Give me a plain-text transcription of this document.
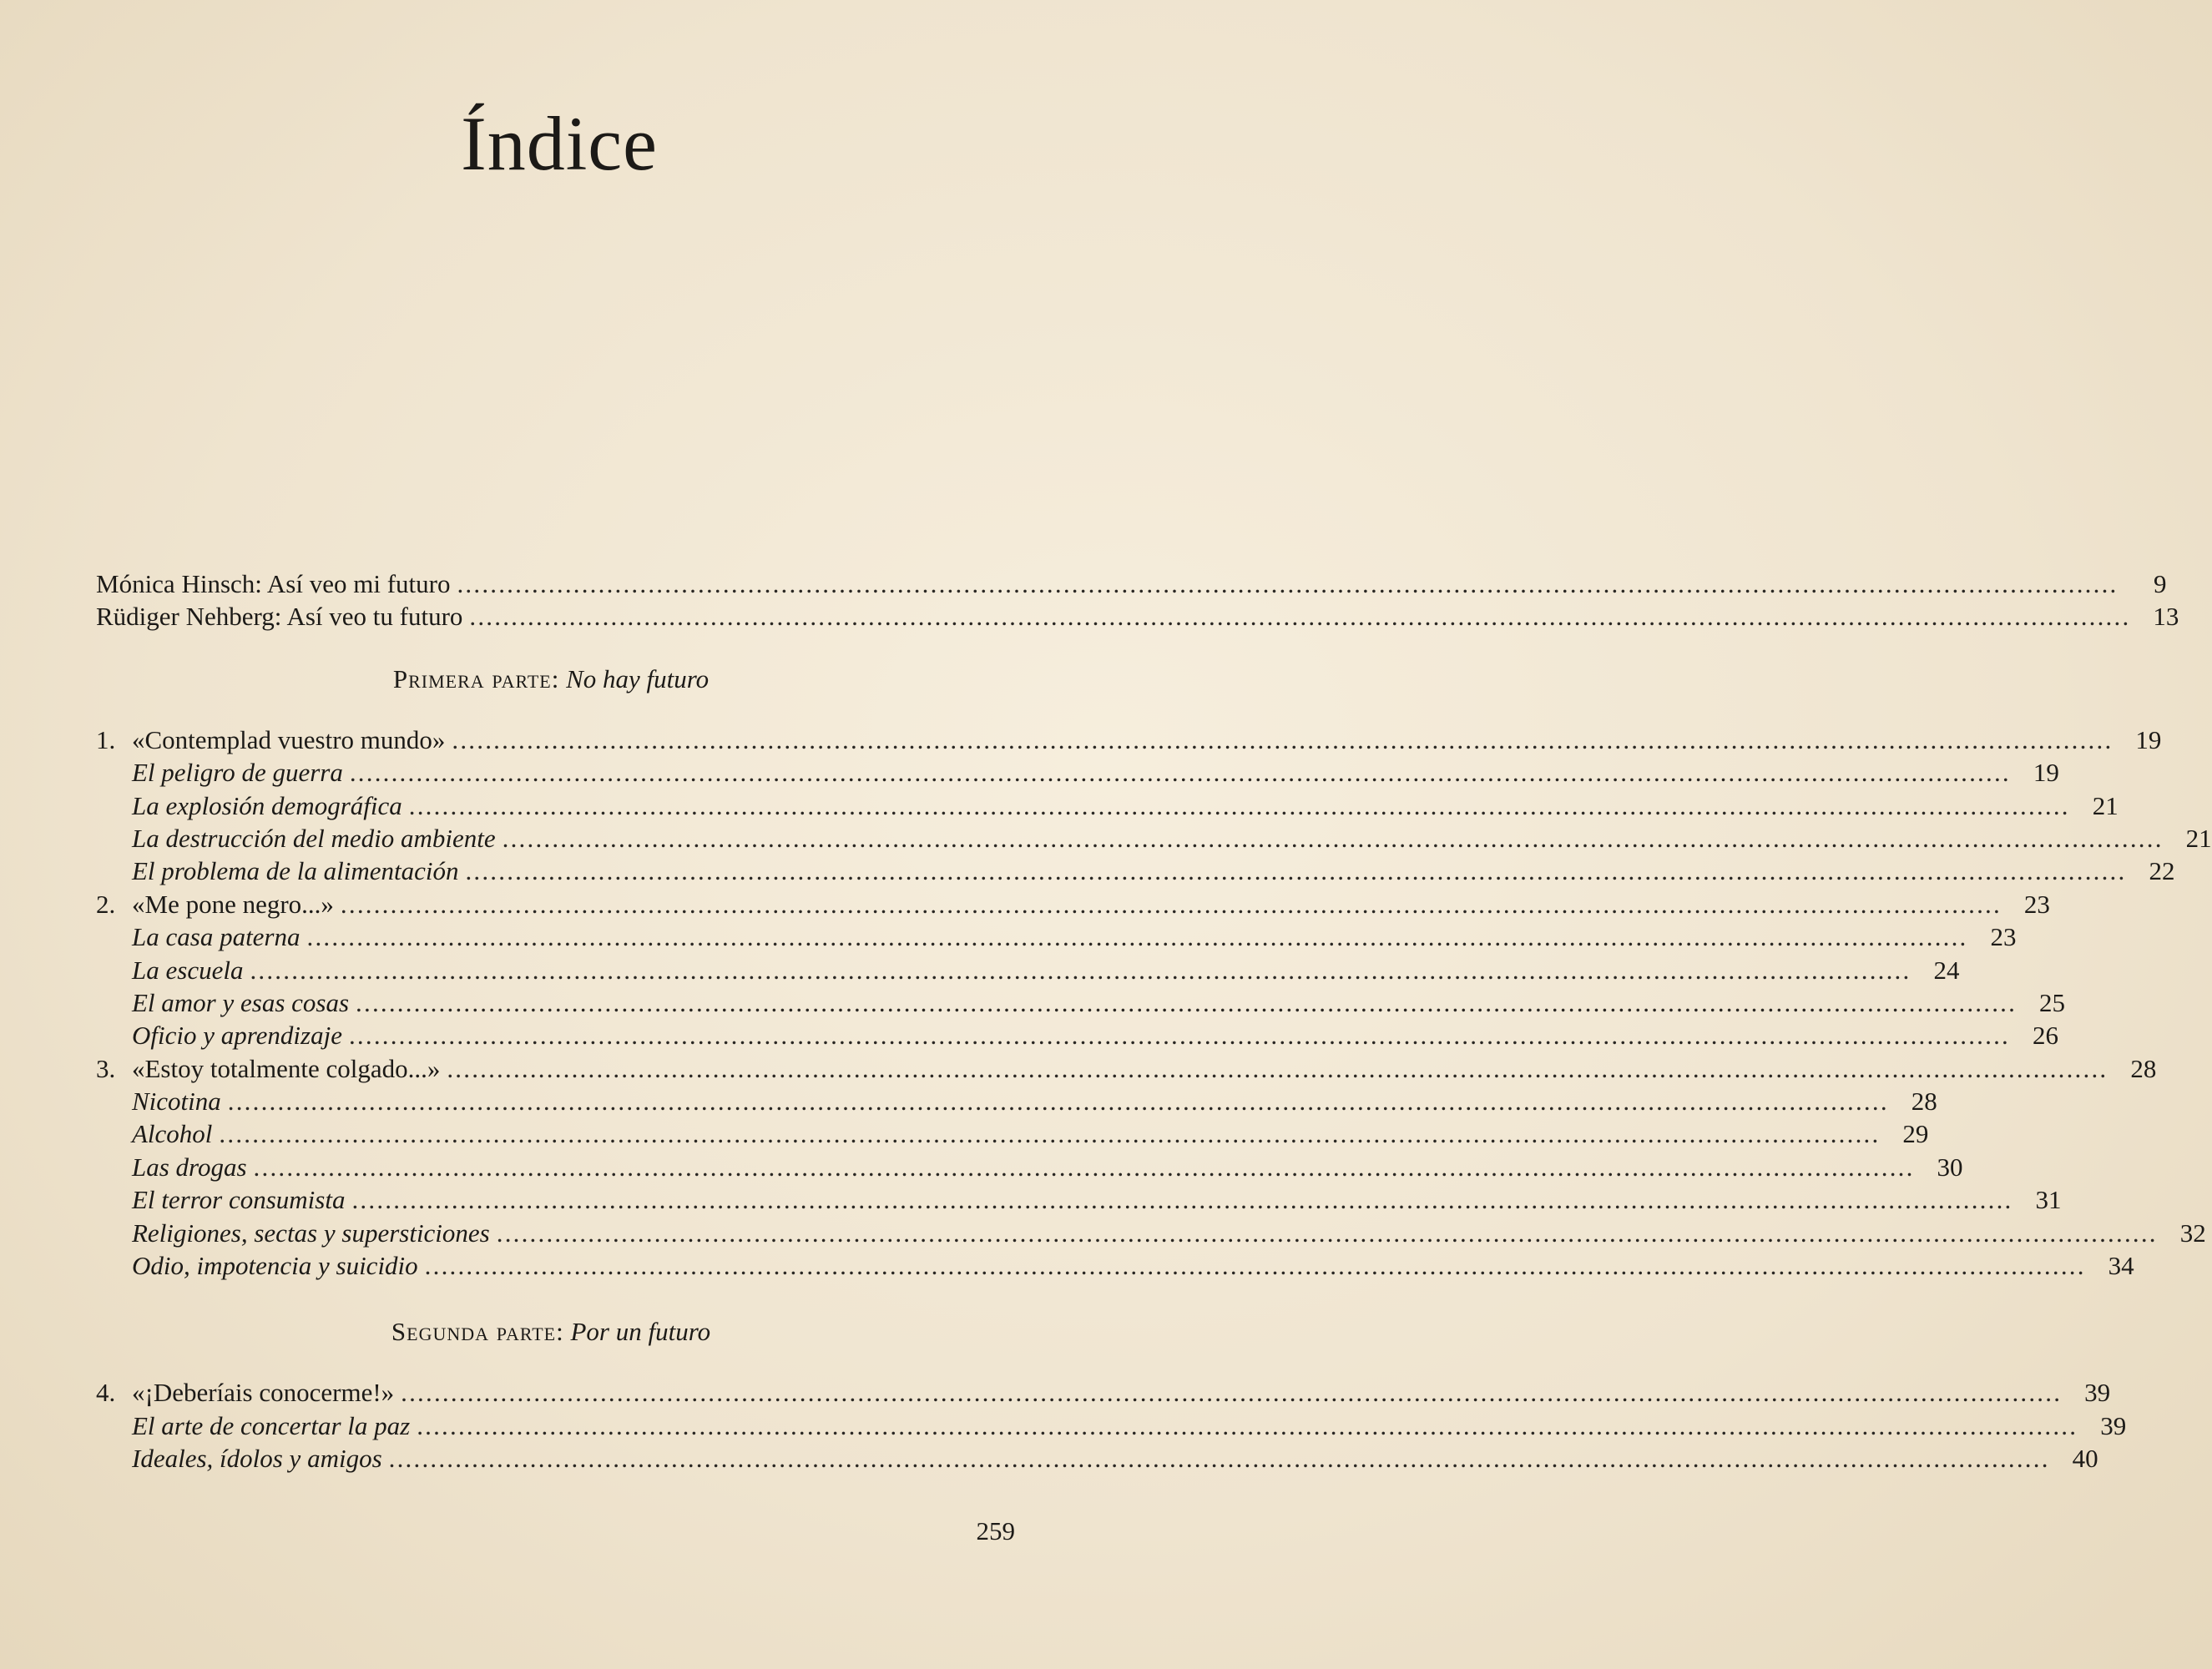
Índice
Mónica Hinsch: Así veo mi futuro ........................................................................................................................................................................................................	9
Rüdiger Nehberg: Así veo tu futuro ........................................................................................................................................................................................................ 13
Primera parte: No hay futuro
1. «Contemplad vuestro mundo» ........................................................................................................................................................................................................ 19
El peligro de guerra ........................................................................................................................................................................................................ 19
La explosión demográfica ........................................................................................................................................................................................................ 21
La destrucción del medio ambiente ........................................................................................................................................................................................................ 21
El problema de la alimentación ........................................................................................................................................................................................................ 22
2. «Me pone negro...» ........................................................................................................................................................................................................ 23
La casa paterna ........................................................................................................................................................................................................ 23
La escuela ........................................................................................................................................................................................................ 24
El amor y esas cosas ........................................................................................................................................................................................................ 25
Oficio y aprendizaje ........................................................................................................................................................................................................ 26
3. «Estoy totalmente colgado...» ........................................................................................................................................................................................................ 28
Nicotina ........................................................................................................................................................................................................ 28
Alcohol ........................................................................................................................................................................................................ 29
Las drogas ........................................................................................................................................................................................................ 30
El terror consumista ........................................................................................................................................................................................................ 31
Religiones, sectas y supersticiones ........................................................................................................................................................................................................ 32
Odio, impotencia y suicidio ........................................................................................................................................................................................................ 34
Segunda parte: Por un futuro
4. «¡Deberíais conocerme!» ........................................................................................................................................................................................................ 39
El arte de concertar la paz ........................................................................................................................................................................................................ 39
Ideales, ídolos y amigos ........................................................................................................................................................................................................ 40
259
